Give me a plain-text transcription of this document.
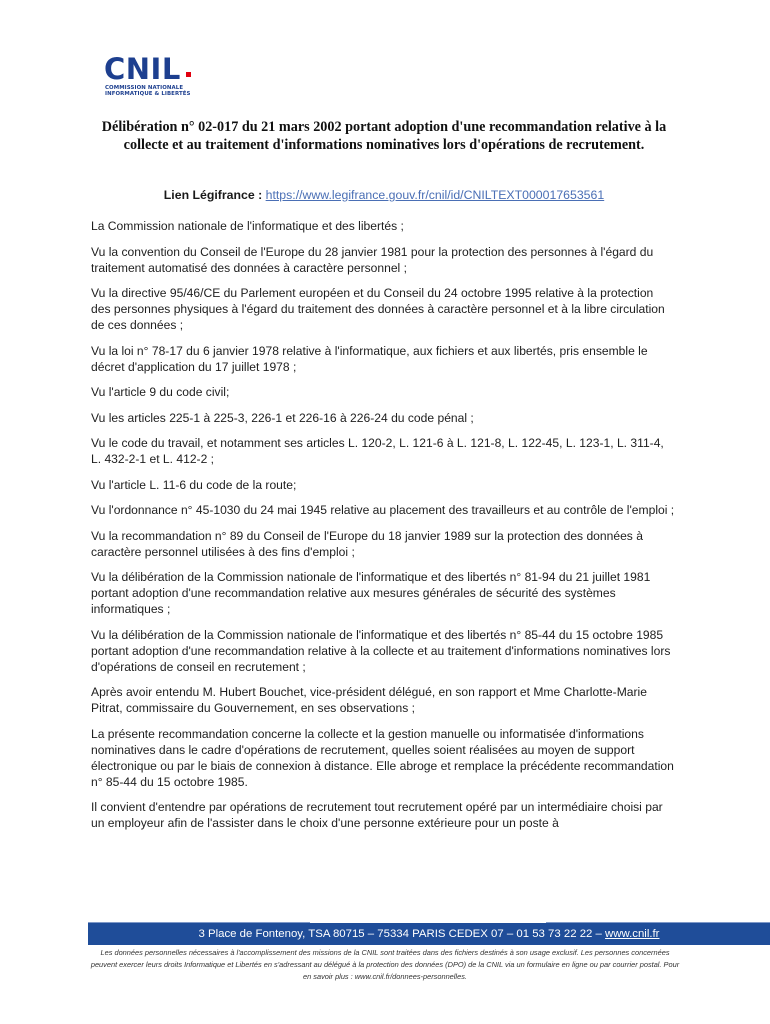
CNIL
COMMISSION NATIONALE
INFORMATIQUE & LIBERTÉS
Délibération n° 02-017 du 21 mars 2002 portant adoption d'une recommandation relative à la collecte et au traitement d'informations nominatives lors d'opérations de recrutement.
Lien Légifrance : https://www.legifrance.gouv.fr/cnil/id/CNILTEXT000017653561

La Commission nationale de l'informatique et des libertés ;

Vu la convention du Conseil de l'Europe du 28 janvier 1981 pour la protection des personnes à l'égard du traitement automatisé des données à caractère personnel ;

Vu la directive 95/46/CE du Parlement européen et du Conseil du 24 octobre 1995 relative à la protection des personnes physiques à l'égard du traitement des données à caractère personnel et à la libre circulation de ces données ;

Vu la loi n° 78-17 du 6 janvier 1978 relative à l'informatique, aux fichiers et aux libertés, pris ensemble le décret d'application du 17 juillet 1978 ;

Vu l'article 9 du code civil;

Vu les articles 225-1 à 225-3, 226-1 et 226-16 à 226-24 du code pénal ;

Vu le code du travail, et notamment ses articles L. 120-2, L. 121-6 à L. 121-8, L. 122-45, L. 123-1, L. 311-4, L. 432-2-1 et L. 412-2 ;

Vu l'article L. 11-6 du code de la route;

Vu l'ordonnance n° 45-1030 du 24 mai 1945 relative au placement des travailleurs et au contrôle de l'emploi ;

Vu la recommandation n° 89 du Conseil de l'Europe du 18 janvier 1989 sur la protection des données à caractère personnel utilisées à des fins d'emploi ;

Vu la délibération de la Commission nationale de l'informatique et des libertés n° 81-94 du 21 juillet 1981 portant adoption d'une recommandation relative aux mesures générales de sécurité des systèmes informatiques ;

Vu la délibération de la Commission nationale de l'informatique et des libertés n° 85-44 du 15 octobre 1985 portant adoption d'une recommandation relative à la collecte et au traitement d'informations nominatives lors d'opérations de conseil en recrutement ;

Après avoir entendu M. Hubert Bouchet, vice-président délégué, en son rapport et Mme Charlotte-Marie Pitrat, commissaire du Gouvernement, en ses observations ;

La présente recommandation concerne la collecte et la gestion manuelle ou informatisée d'informations nominatives dans le cadre d'opérations de recrutement, quelles soient réalisées au moyen de support électronique ou par le biais de connexion à distance. Elle abroge et remplace la précédente recommandation n° 85-44 du 15 octobre 1985.

Il convient d'entendre par opérations de recrutement tout recrutement opéré par un intermédiaire choisi par un employeur afin de l'assister dans le choix d'une personne extérieure pour un poste à

3 Place de Fontenoy, TSA 80715 – 75334 PARIS CEDEX 07 – 01 53 73 22 22 – www.cnil.fr
Les données personnelles nécessaires à l'accomplissement des missions de la CNIL sont traitées dans des fichiers destinés à son usage exclusif. Les personnes concernées peuvent exercer leurs droits Informatique et Libertés en s'adressant au délégué à la protection des données (DPO) de la CNIL via un formulaire en ligne ou par courrier postal. Pour en savoir plus : www.cnil.fr/donnees-personnelles.
